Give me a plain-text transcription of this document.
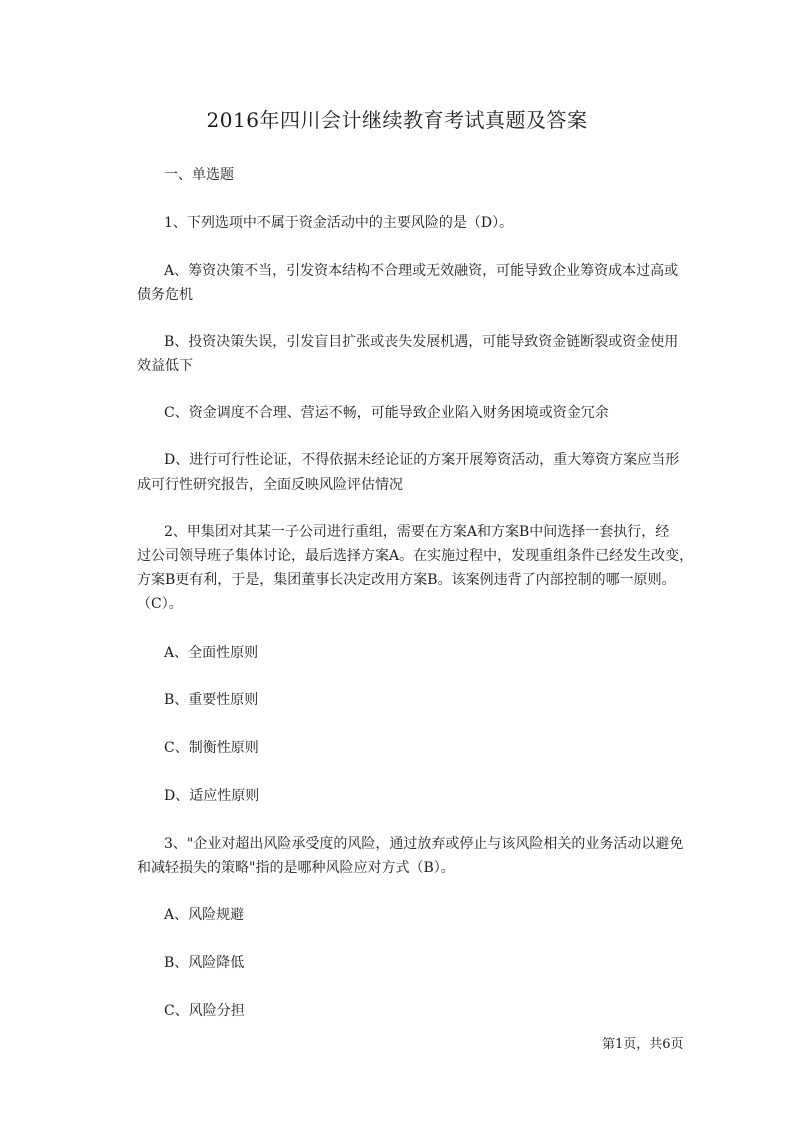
2016年四川会计继续教育考试真题及答案
一、单选题
1、下列选项中不属于资金活动中的主要风险的是（D）。
A、筹资决策不当，引发资本结构不合理或无效融资，可能导致企业筹资成本过高或
债务危机
B、投资决策失误，引发盲目扩张或丧失发展机遇，可能导致资金链断裂或资金使用
效益低下
C、资金调度不合理、营运不畅，可能导致企业陷入财务困境或资金冗余
D、进行可行性论证，不得依据未经论证的方案开展筹资活动，重大筹资方案应当形
成可行性研究报告，全面反映风险评估情况
2、甲集团对其某一子公司进行重组，需要在方案A和方案B中间选择一套执行，经
过公司领导班子集体讨论，最后选择方案A。在实施过程中，发现重组条件已经发生改变，
方案B更有利，于是，集团董事长决定改用方案B。该案例违背了内部控制的哪一原则。
（C）。
A、全面性原则
B、重要性原则
C、制衡性原则
D、适应性原则
3、"企业对超出风险承受度的风险，通过放弃或停止与该风险相关的业务活动以避免
和减轻损失的策略"指的是哪种风险应对方式（B）。
A、风险规避
B、风险降低
C、风险分担
第1页，共6页
